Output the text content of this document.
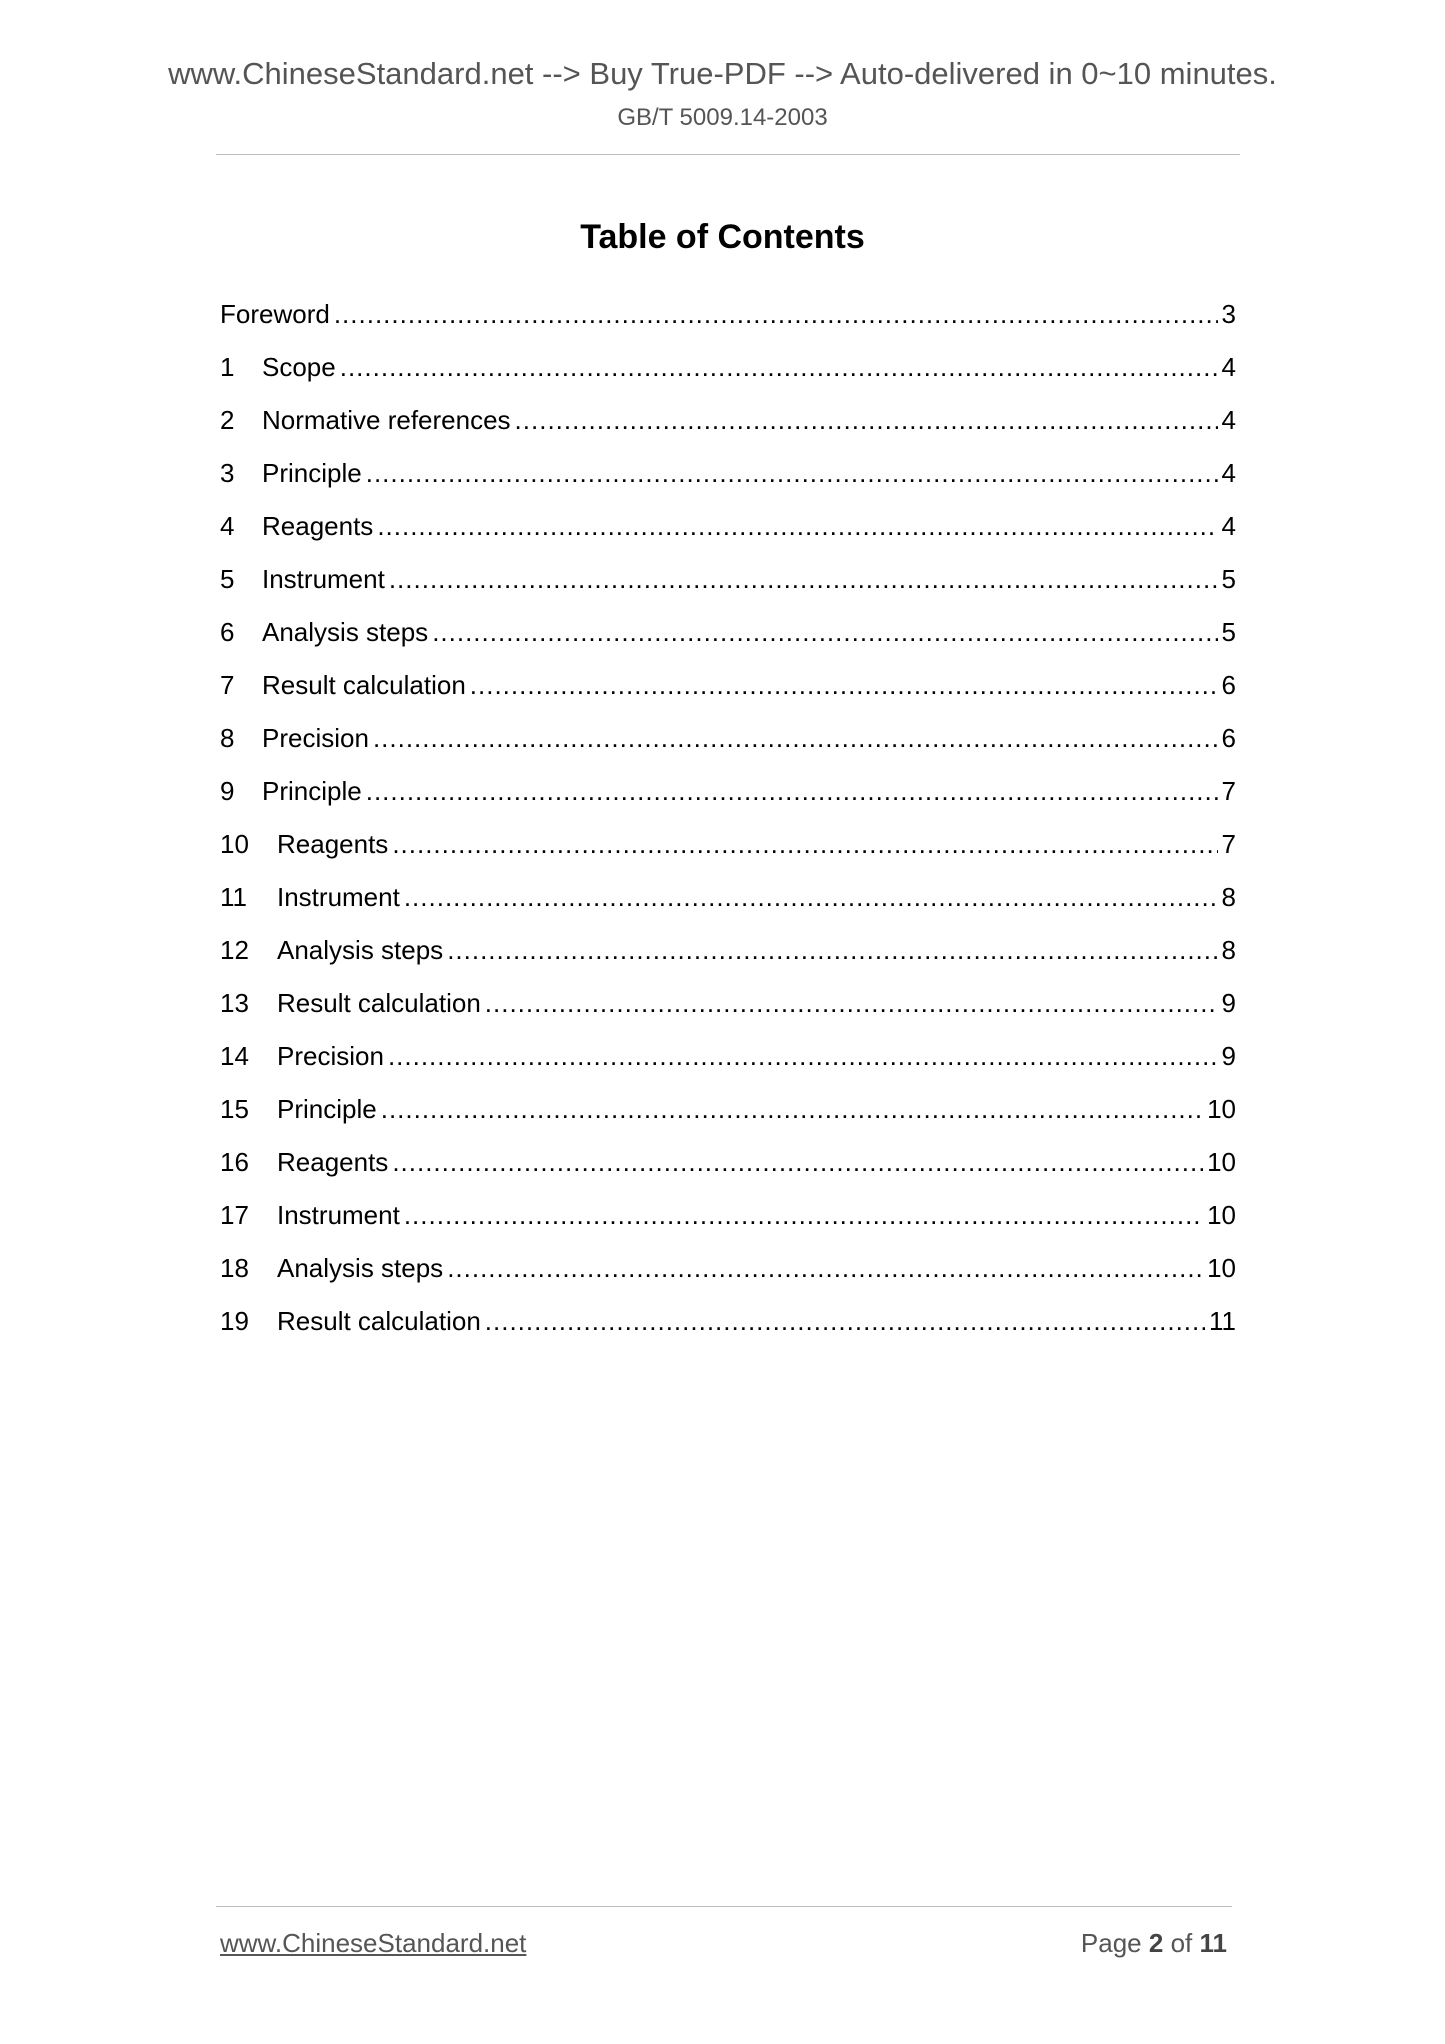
www.ChineseStandard.net --> Buy True-PDF --> Auto-delivered in 0~10 minutes.
GB/T 5009.14-2003
Table of Contents
Foreword .....	3
1	Scope .....	4
2	Normative references .....	4
3	Principle .....	4
4	Reagents .....	4
5	Instrument .....	5
6	Analysis steps .....	5
7	Result calculation .....	6
8	Precision .....	6
9	Principle .....	7
10	Reagents .....	7
11	Instrument .....	8
12	Analysis steps .....	8
13	Result calculation .....	9
14	Precision .....	9
15	Principle .....	10
16	Reagents .....	10
17	Instrument .....	10
18	Analysis steps .....	10
19	Result calculation .....	11
www.ChineseStandard.net	Page 2 of 11
